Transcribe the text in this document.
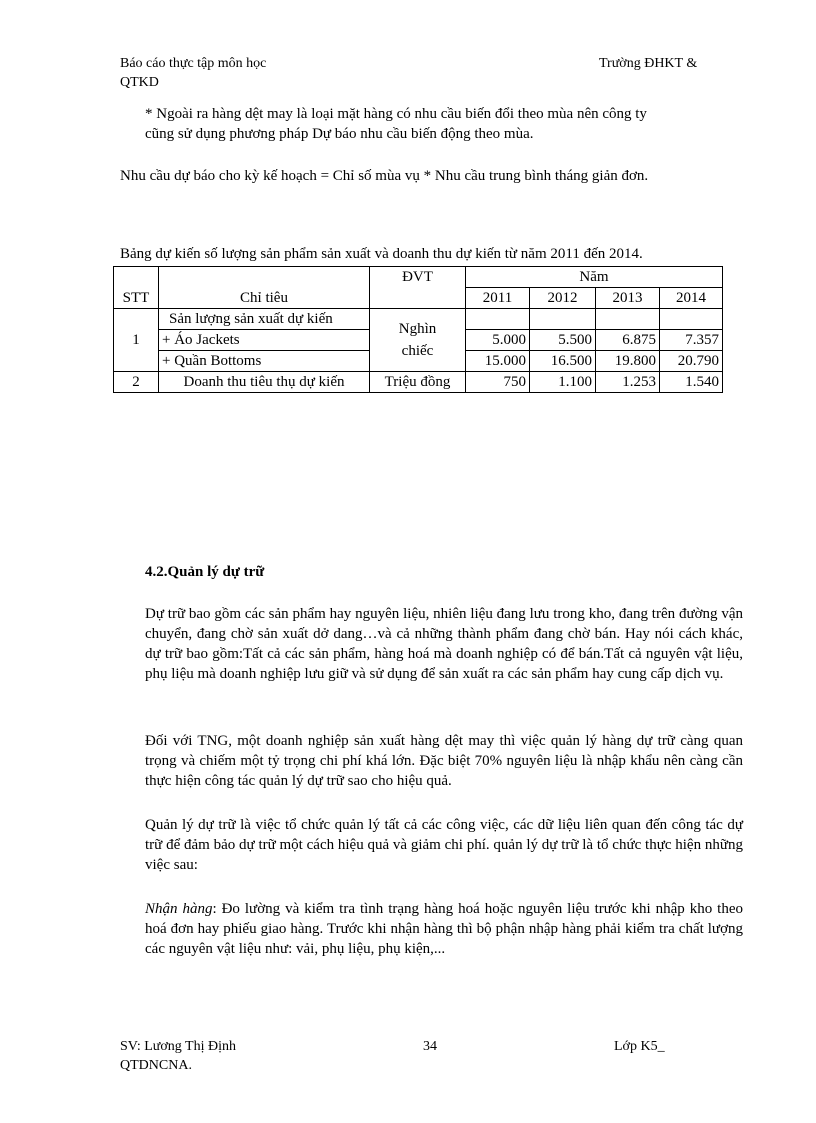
Báo cáo thực tập môn học	Trường ĐHKT &
QTKD
* Ngoài ra hàng dệt may là loại mặt hàng có nhu cầu biến đổi theo mùa nên công ty
cũng sử dụng phương pháp Dự báo nhu cầu biến động theo mùa.
Nhu cầu dự báo cho kỳ kế hoạch = Chỉ số mùa vụ * Nhu cầu trung bình tháng giản đơn.
Bảng dự kiến số lượng sản phẩm sản xuất và doanh thu dự kiến từ năm 2011 đến 2014.
STT	Chỉ tiêu	ĐVT	Năm			
			2011	2012	2013	2014
1	Sản lượng sản xuất dự kiến	Nghìn
chiếc				

	+ Áo Jackets		5.000	5.500	6.875	7.357
	+ Quần Bottoms		15.000	16.500	19.800	20.790
2	Doanh thu tiêu thụ dự kiến	Triệu đồng	750	1.100	1.253	1.540
4.2.Quản lý dự trữ
Dự trữ bao gồm các sản phẩm hay nguyên liệu, nhiên liệu đang lưu trong kho, đang trên đường vận chuyển, đang chờ sản xuất dở dang…và cả những thành phẩm đang chờ bán. Hay nói cách khác, dự trữ bao gồm:Tất cả các sản phẩm, hàng hoá mà doanh nghiệp có để bán.Tất cả nguyên vật liệu, phụ liệu mà doanh nghiệp lưu giữ và sử dụng để sản xuất ra các sản phẩm hay cung cấp dịch vụ.
Đối với TNG, một doanh nghiệp sản xuất hàng dệt may thì việc quản lý hàng dự trữ càng quan trọng và chiếm một tỷ trọng chi phí khá lớn. Đặc biệt 70% nguyên liệu là nhập khẩu nên càng cần thực hiện công tác quản lý dự trữ sao cho hiệu quả.
Quản lý dự trữ là việc tổ chức quản lý tất cả các công việc, các dữ liệu liên quan đến công tác dự trữ để đảm bảo dự trữ một cách hiệu quả và giảm chi phí. quản lý dự trữ là tổ chức thực hiện những việc sau:
Nhận hàng: Đo lường và kiểm tra tình trạng hàng hoá hoặc nguyên liệu trước khi nhập kho theo hoá đơn hay phiếu giao hàng. Trước khi nhận hàng thì bộ phận nhập hàng phải kiểm tra chất lượng các nguyên vật liệu như: vải, phụ liệu, phụ kiện,...
SV: Lương Thị Định	34	Lớp K5_
QTDNCNA.
